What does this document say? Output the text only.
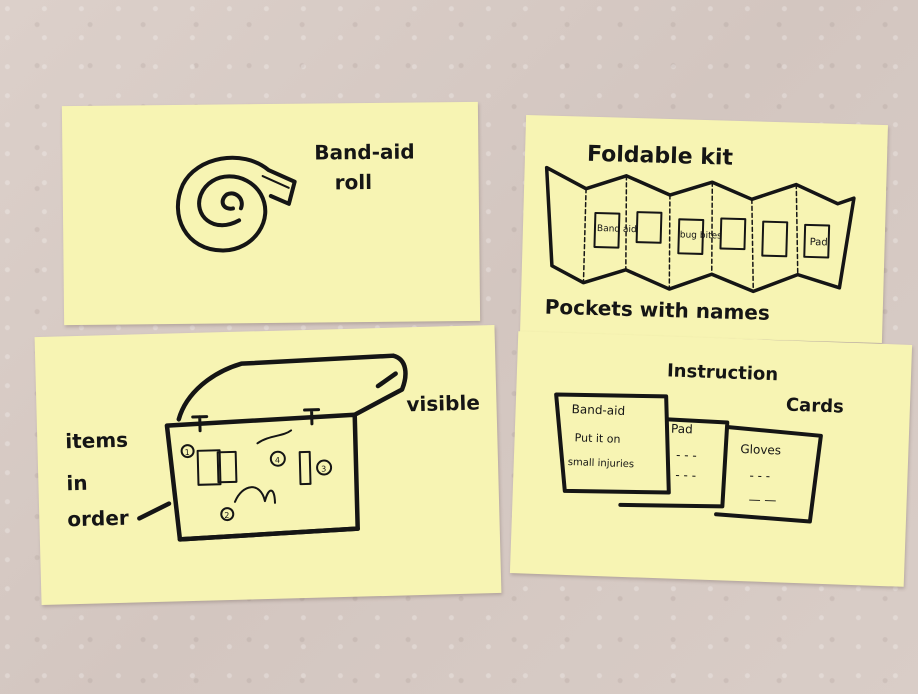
Band-aid
roll
Foldable kit
Band aid
bug bites
Pad
Pockets with names
1
2
3
4
items
in
order
visible
Instruction
Cards
Band-aid
Put it on
small injuries
Pad
- - -
- - -
Gloves
- - -
— —
